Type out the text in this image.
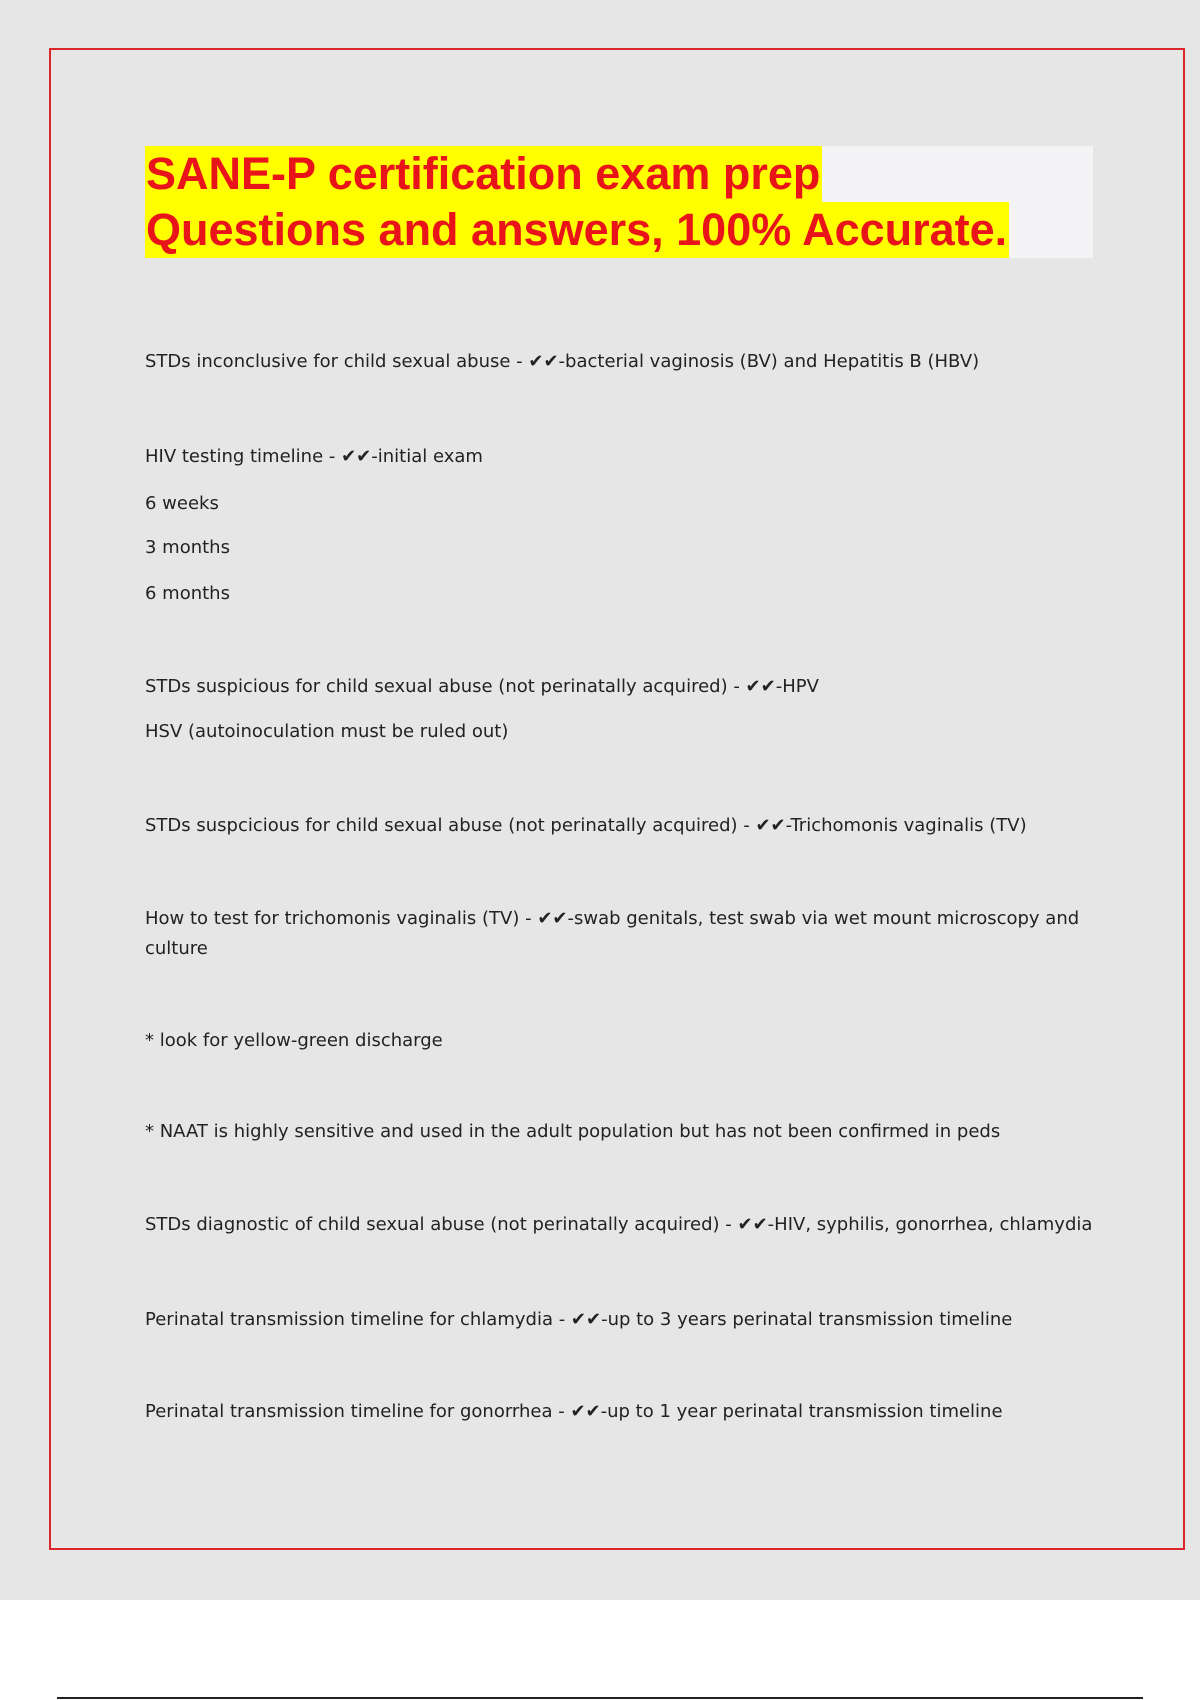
SANE-P certification exam prep
Questions and answers, 100% Accurate.
STDs inconclusive for child sexual abuse - ✔✔-bacterial vaginosis (BV) and Hepatitis B (HBV)
HIV testing timeline - ✔✔-initial exam
6 weeks
3 months
6 months
STDs suspicious for child sexual abuse (not perinatally acquired) - ✔✔-HPV
HSV (autoinoculation must be ruled out)
STDs suspcicious for child sexual abuse (not perinatally acquired) - ✔✔-Trichomonis vaginalis (TV)
How to test for trichomonis vaginalis (TV) - ✔✔-swab genitals, test swab via wet mount microscopy and culture
* look for yellow-green discharge
* NAAT is highly sensitive and used in the adult population but has not been confirmed in peds
STDs diagnostic of child sexual abuse (not perinatally acquired) - ✔✔-HIV, syphilis, gonorrhea, chlamydia
Perinatal transmission timeline for chlamydia - ✔✔-up to 3 years perinatal transmission timeline
Perinatal transmission timeline for gonorrhea - ✔✔-up to 1 year perinatal transmission timeline
